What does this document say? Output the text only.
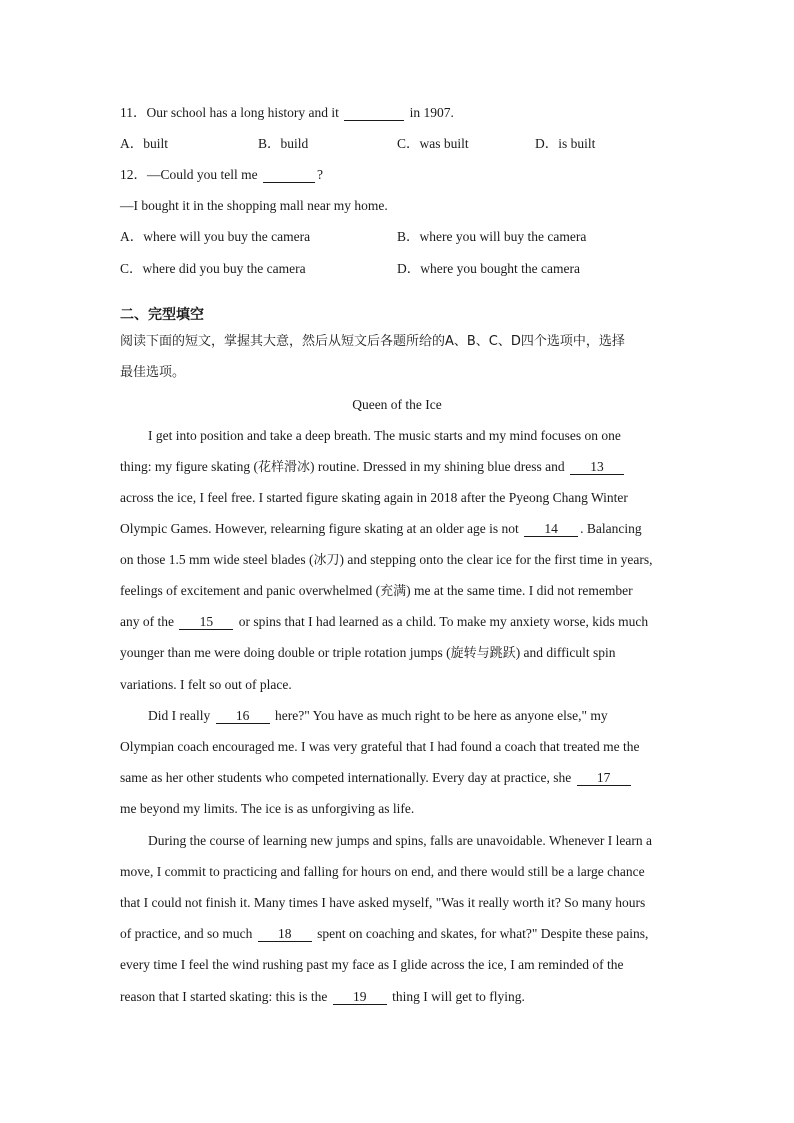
11．Our school has a long history and it	in 1907.
A．built	B．build	C．was built	D．is built
12．—Could you tell me	?
—I bought it in the shopping mall near my home.
A．where will you buy the camera	B．where you will buy the camera
C．where did you buy the camera	D．where you bought the camera
二、完型填空
阅读下面的短文，掌握其大意，然后从短文后各题所给的A、B、C、D四个选项中，选择
最佳选项。
Queen of the Ice
I get into position and take a deep breath. The music starts and my mind focuses on one
thing: my figure skating (花样滑冰) routine. Dressed in my shining blue dress and 13
across the ice, I feel free. I started figure skating again in 2018 after the Pyeong Chang Winter
Olympic Games. However, relearning figure skating at an older age is not 14 . Balancing
on those 1.5 mm wide steel blades (冰刀) and stepping onto the clear ice for the first time in years,
feelings of excitement and panic overwhelmed (充满) me at the same time. I did not remember
any of the 15 or spins that I had learned as a child. To make my anxiety worse, kids much
younger than me were doing double or triple rotation jumps (旋转与跳跃) and difficult spin
variations. I felt so out of place.
Did I really 16 here?" You have as much right to be here as anyone else," my
Olympian coach encouraged me. I was very grateful that I had found a coach that treated me the
same as her other students who competed internationally. Every day at practice, she 17
me beyond my limits. The ice is as unforgiving as life.
During the course of learning new jumps and spins, falls are unavoidable. Whenever I learn a
move, I commit to practicing and falling for hours on end, and there would still be a large chance
that I could not finish it. Many times I have asked myself, "Was it really worth it? So many hours
of practice, and so much 18 spent on coaching and skates, for what?" Despite these pains,
every time I feel the wind rushing past my face as I glide across the ice, I am reminded of the
reason that I started skating: this is the 19 thing I will get to flying.
